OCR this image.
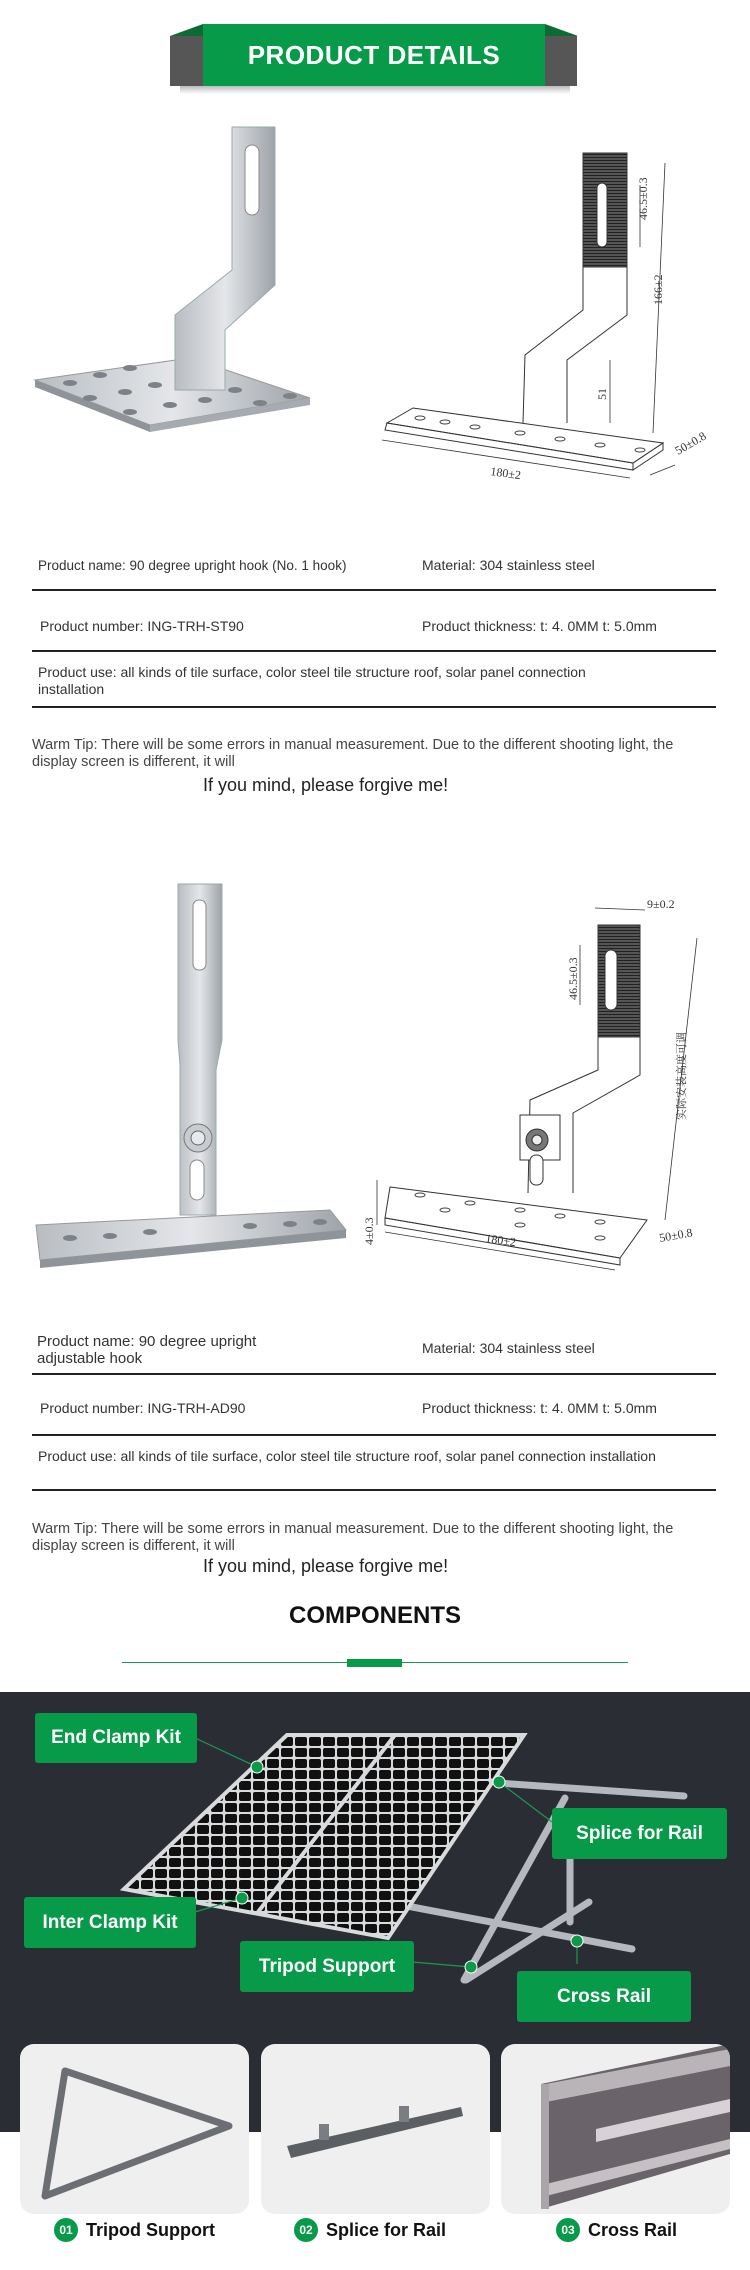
PRODUCT DETAILS
46.5±0.3
166±2
51
180±2
50±0.8
Product name: 90 degree upright hook (No. 1 hook)	Material: 304 stainless steel
Product number: ING-TRH-ST90	Product thickness: t: 4. 0MM t: 5.0mm
Product use: all kinds of tile surface, color steel tile structure roof, solar panel connection installation
Warm Tip: There will be some errors in manual measurement. Due to the different shooting light, the display screen is different, it will
If you mind, please forgive me!
9±0.2
46.5±0.3
实际安装高度可调
180±2	50±0.8
4±0.3
Product name: 90 degree upright adjustable hook
Material: 304 stainless steel
Product number: ING-TRH-AD90	Product thickness: t: 4. 0MM t: 5.0mm
Product use: all kinds of tile surface, color steel tile structure roof, solar panel connection installation
Warm Tip: There will be some errors in manual measurement. Due to the different shooting light, the display screen is different, it will
If you mind, please forgive me!
COMPONENTS
End Clamp Kit
Splice for Rail
Inter Clamp Kit
Tripod Support
Cross Rail
01 Tripod Support	02 Splice for Rail	03 Cross Rail
